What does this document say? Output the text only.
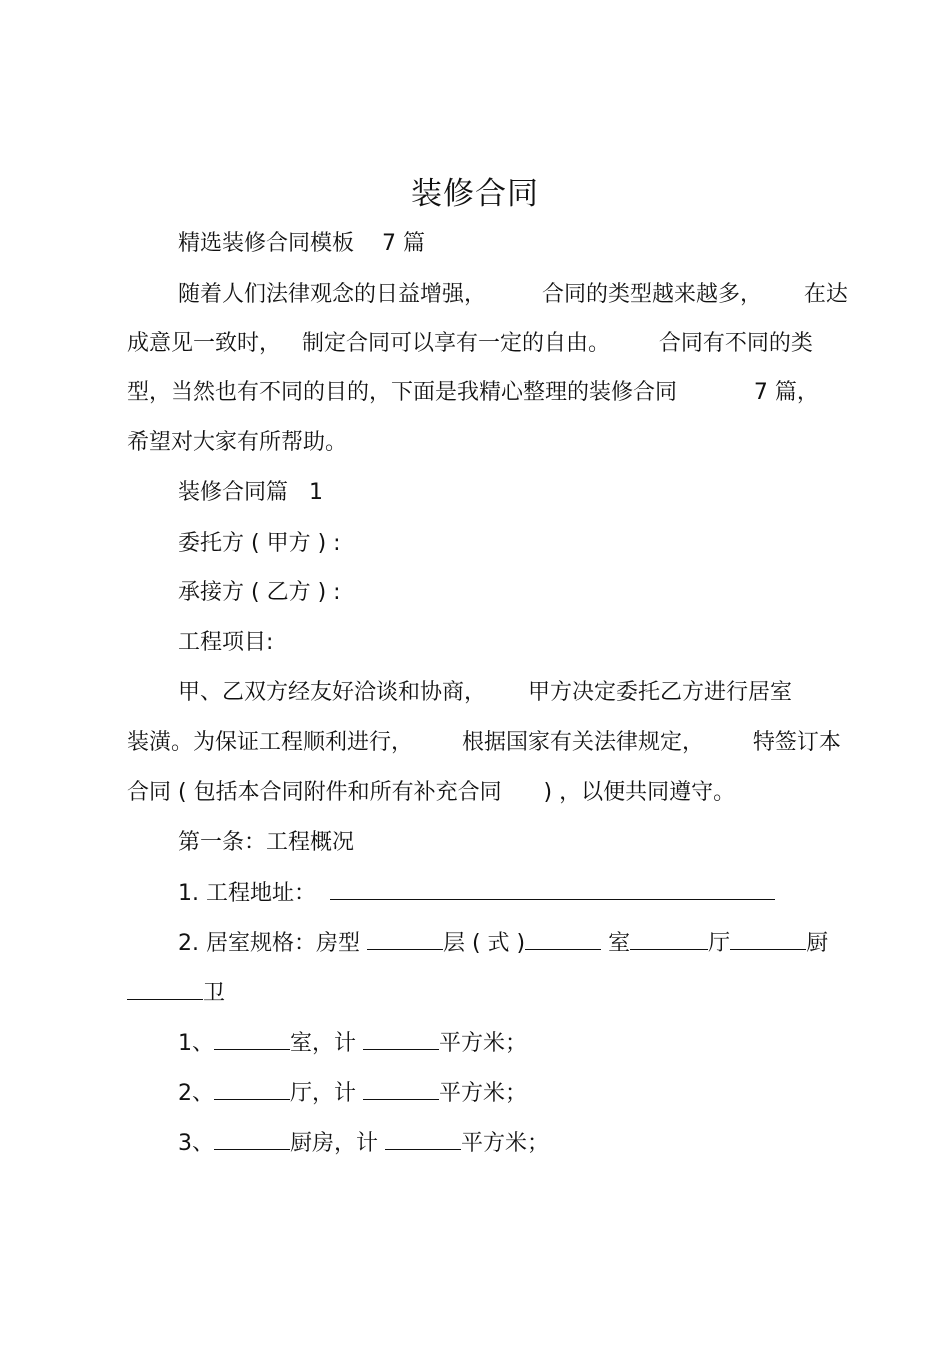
装修合同
精选装修合同模板    7 篇
随着人们法律观念的日益增强，        合同的类型越来越多，      在达
成意见一致时，   制定合同可以享有一定的自由。       合同有不同的类
型，当然也有不同的目的，下面是我精心整理的装修合同           7 篇，
希望对大家有所帮助。
装修合同篇   1
委托方 ( 甲方 ) :
承接方 ( 乙方 ) :
工程项目:
甲、乙双方经友好洽谈和协商，      甲方决定委托乙方进行居室
装潢。为保证工程顺利进行，       根据国家有关法律规定，       特签订本
合同 ( 包括本合同附件和所有补充合同      ) ，以便共同遵守。
第一条：工程概况
1. 工程地址：
2. 居室规格：房型	层 ( 式 )	室	厅	厨
卫
1、	室，计	平方米；
2、	厅，计	平方米；
3、	厨房，计	平方米；
